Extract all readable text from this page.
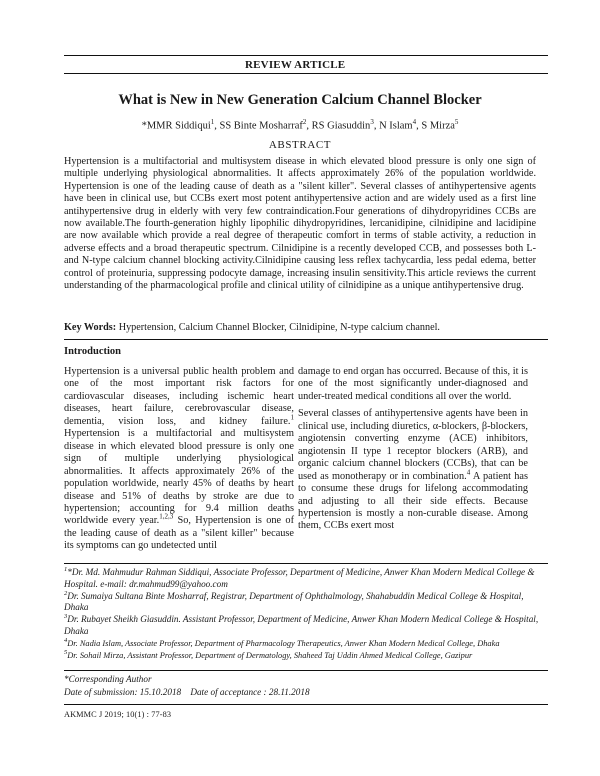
REVIEW ARTICLE
What is New in New Generation Calcium Channel Blocker
*MMR Siddiqui$^1$, SS Binte Mosharraf$^2$, RS Giasuddin$^3$, N Islam$^4$, S Mirza$^5$
ABSTRACT
Hypertension is a multifactorial and multisystem disease in which elevated blood pressure is only one sign of multiple underlying physiological abnormalities. It affects approximately 26% of the population worldwide. Hypertension is one of the leading cause of death as a "silent killer". Several classes of antihypertensive agents have been in clinical use, but CCBs exert most potent antihypertensive action and are widely used as a first line antihypertensive drug in elderly with very few contraindication.Four generations of dihydropyridines CCBs are now available.The fourth-generation highly lipophilic dihydropyridines, lercanidipine, cilnidipine and lacidipine are now available which provide a real degree of therapeutic comfort in terms of stable activity, a reduction in adverse effects and a broad therapeutic spectrum. Cilnidipine is a recently developed CCB, and possesses both L- and N-type calcium channel blocking activity.Cilnidipine causing less reflex tachycardia, less pedal edema, better control of proteinuria, suppressing podocyte damage, increasing insulin sensitivity.This article reviews the current understanding of the pharmacological profile and clinical utility of cilnidipine as a unique antihypertensive drug.
Key Words: Hypertension, Calcium Channel Blocker, Cilnidipine, N-type calcium channel.
Introduction

Hypertension is a universal public health problem and one of the most important risk factors for cardiovascular diseases, including ischemic heart diseases, heart failure, cerebrovascular disease, dementia, vision loss, and kidney failure.$^1$ Hypertension is a multifactorial and multisystem disease in which elevated blood pressure is only one sign of multiple underlying physiological abnormalities. It affects approximately 26% of the population worldwide, nearly 45% of deaths by heart disease and 51% of deaths by stroke are due to hypertension; accounting for 9.4 million deaths worldwide every year.$^{1,2,3}$ So, Hypertension is one of the leading cause of death as a "silent killer" because its symptoms can go undetected until

damage to end organ has occurred. Because of this, it is one of the most significantly under-diagnosed and under-treated medical conditions all over the world.

Several classes of antihypertensive agents have been in clinical use, including diuretics, α-blockers, β-blockers, angiotensin converting enzyme (ACE) inhibitors, angiotensin II type 1 receptor blockers (ARB), and organic calcium channel blockers (CCBs), that can be used as monotherapy or in combination.$^4$ A patient has to consume these drugs for lifelong accommodating and adjusting to all their side effects. Because hypertension is mostly a non-curable disease. Among them, CCBs exert most

$^1$*Dr. Md. Mahmudur Rahman Siddiqui, Associate Professor, Department of Medicine, Anwer Khan Modern Medical College & Hospital. e-mail: dr.mahmud99@yahoo.com
$^2$Dr. Sumaiya Sultana Binte Mosharraf, Registrar, Department of Ophthalmology, Shahabuddin Medical College & Hospital, Dhaka
$^3$Dr. Rubayet Sheikh Giasuddin. Assistant Professor, Department of Medicine, Anwer Khan Modern Medical College & Hospital, Dhaka
$^4$Dr. Nadia Islam, Associate Professor, Department of Pharmacology Therapeutics, Anwer Khan Modern Medical College, Dhaka
$^5$Dr. Sohail Mirza, Assistant Professor, Department of Dermatology, Shaheed Taj Uddin Ahmed Medical College, Gazipur
*Corresponding Author
Date of submission: 15.10.2018    Date of acceptance : 28.11.2018
AKMMC J 2019; 10(1) : 77-83
